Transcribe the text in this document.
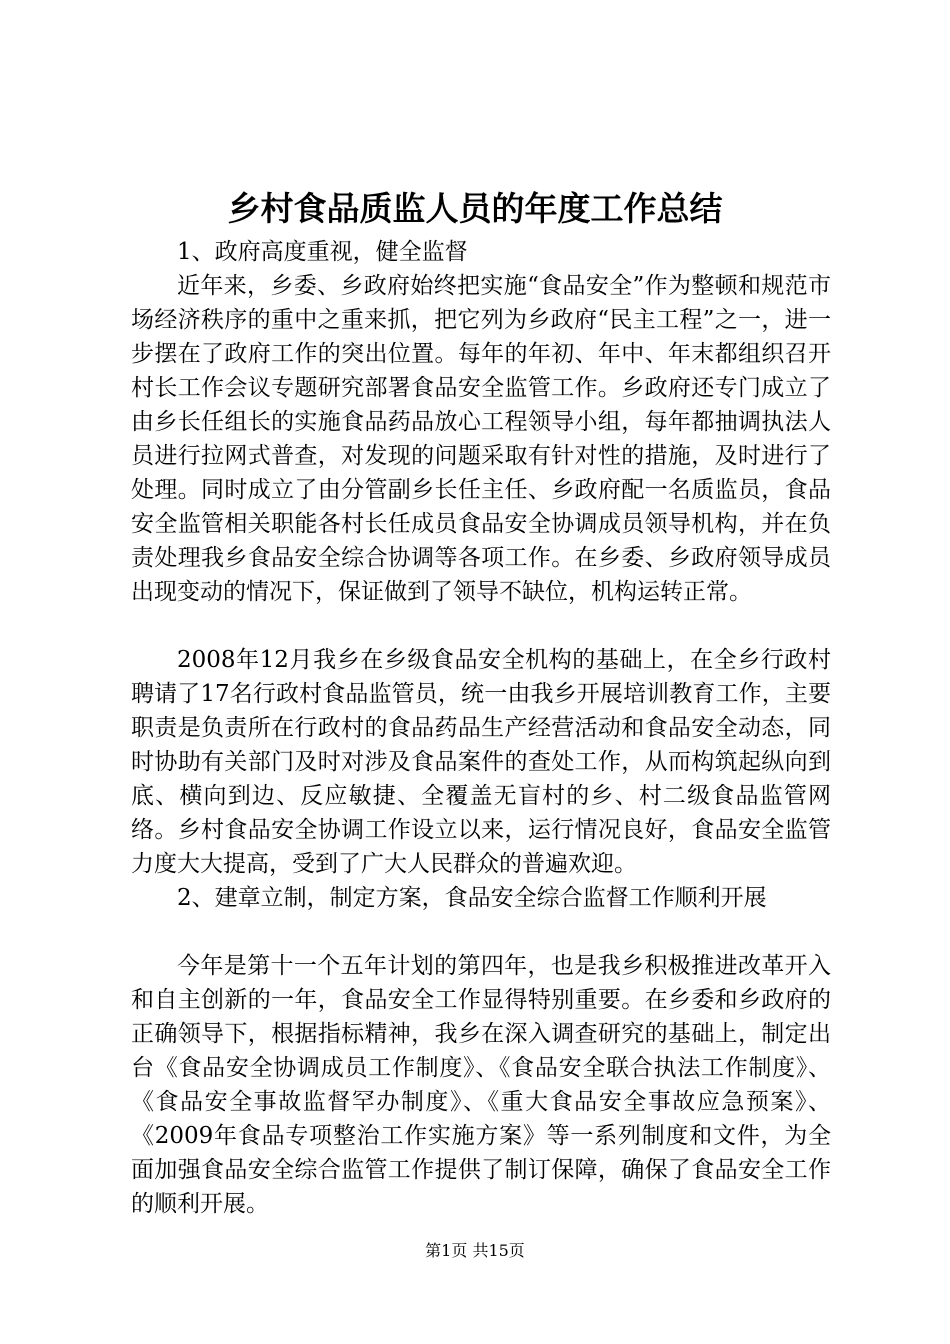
乡村食品质监人员的年度工作总结

1、政府高度重视，健全监督

近年来，乡委、乡政府始终把实施“食品安全”作为整顿和规范市场经济秩序的重中之重来抓，把它列为乡政府“民主工程”之一，进一步摆在了政府工作的突出位置。每年的年初、年中、年末都组织召开村长工作会议专题研究部署食品安全监管工作。乡政府还专门成立了由乡长任组长的实施食品药品放心工程领导小组，每年都抽调执法人员进行拉网式普查，对发现的问题采取有针对性的措施，及时进行了处理。同时成立了由分管副乡长任主任、乡政府配一名质监员，食品安全监管相关职能各村长任成员食品安全协调成员领导机构，并在负责处理我乡食品安全综合协调等各项工作。在乡委、乡政府领导成员出现变动的情况下，保证做到了领导不缺位，机构运转正常。

2008年12月我乡在乡级食品安全机构的基础上，在全乡行政村聘请了17名行政村食品监管员，统一由我乡开展培训教育工作，主要职责是负责所在行政村的食品药品生产经营活动和食品安全动态，同时协助有关部门及时对涉及食品案件的查处工作，从而构筑起纵向到底、横向到边、反应敏捷、全覆盖无盲村的乡、村二级食品监管网络。乡村食品安全协调工作设立以来，运行情况良好，食品安全监管力度大大提高，受到了广大人民群众的普遍欢迎。

2、建章立制，制定方案，食品安全综合监督工作顺利开展

今年是第十一个五年计划的第四年，也是我乡积极推进改革开入和自主创新的一年，食品安全工作显得特别重要。在乡委和乡政府的正确领导下，根据指标精神，我乡在深入调查研究的基础上，制定出台《食品安全协调成员工作制度》、《食品安全联合执法工作制度》、《食品安全事故监督罕办制度》、《重大食品安全事故应急预案》、《2009年食品专项整治工作实施方案》等一系列制度和文件，为全面加强食品安全综合监管工作提供了制订保障，确保了食品安全工作的顺利开展。

第1页 共15页
